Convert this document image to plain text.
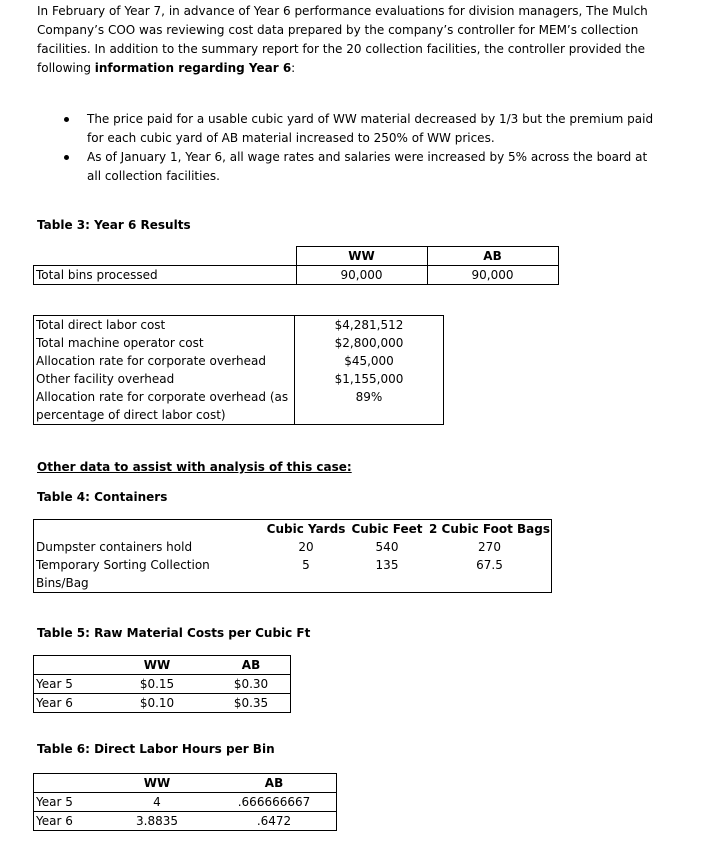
In February of Year 7, in advance of Year 6 performance evaluations for division managers, The Mulch Company’s COO was reviewing cost data prepared by the company’s controller for MEM’s collection facilities. In addition to the summary report for the 20 collection facilities, the controller provided the following information regarding Year 6:
The price paid for a usable cubic yard of WW material decreased by 1/3 but the premium paid for each cubic yard of AB material increased to 250% of WW prices.
As of January 1, Year 6, all wage rates and salaries were increased by 5% across the board at all collection facilities.
Table 3: Year 6 Results
	WW	AB
Total bins processed	90,000	90,000
Total direct labor cost	$4,281,512
Total machine operator cost	$2,800,000
Allocation rate for corporate overhead	$45,000
Other facility overhead	$1,155,000
Allocation rate for corporate overhead (as percentage of direct labor cost)	89%
Other data to assist with analysis of this case:
Table 4: Containers
	Cubic Yards	Cubic Feet	2 Cubic Foot Bags
Dumpster containers hold	20	540	270
Temporary Sorting Collection Bins/Bag	5	135	67.5
Table 5: Raw Material Costs per Cubic Ft
	WW	AB
Year 5	$0.15	$0.30
Year 6	$0.10	$0.35
Table 6: Direct Labor Hours per Bin
	WW	AB
Year 5	4	.666666667
Year 6	3.8835	.6472
